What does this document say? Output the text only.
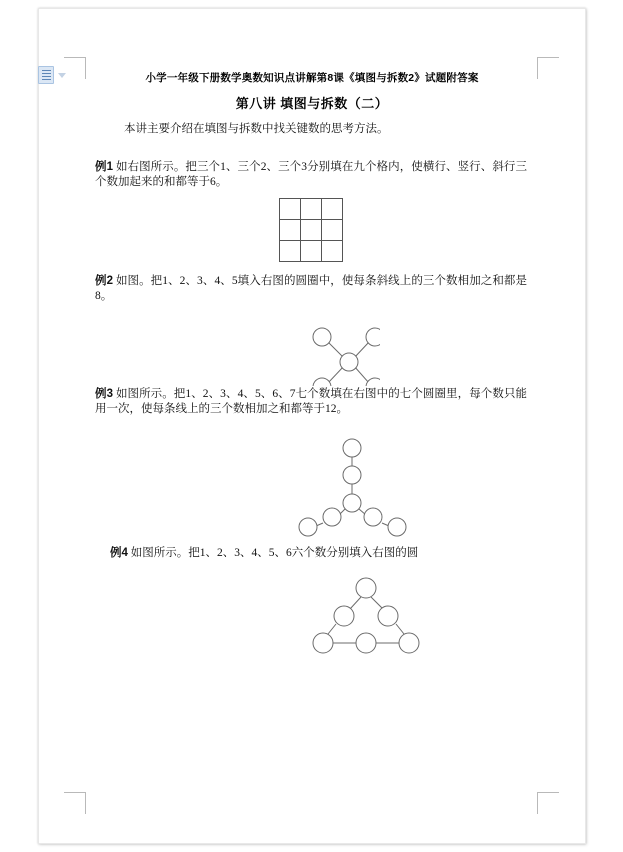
小学一年级下册数学奥数知识点讲解第8课《填图与拆数2》试题附答案
第八讲 填图与拆数（二）
本讲主要介绍在填图与拆数中找关键数的思考方法。
例1 如右图所示。把三个1、三个2、三个3分别填在九个格内，使横行、竖行、斜行三个数加起来的和都等于6。
例2 如图。把1、2、3、4、5填入右图的圆圈中，使每条斜线上的三个数相加之和都是8。
例3 如图所示。把1、2、3、4、5、6、7七个数填在右图中的七个圆圈里，每个数只能用一次，使每条线上的三个数相加之和都等于12。
例4 如图所示。把1、2、3、4、5、6六个数分别填入右图的圆
